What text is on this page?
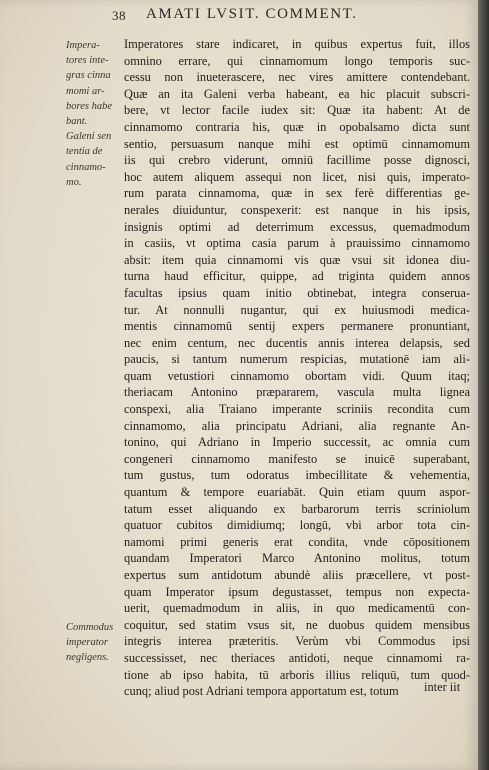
38 AMATI LVSIT. COMMENT.
Impera-
tores inte-
gras cinna
momi ar-
bores habe
bant.
Galeni sen
tentia de
cinnamo-
mo.
Commodus
imperator
negligens.
Imperatores stare indicaret, in quibus expertus fuit, illos
omnino errare, qui cinnamomum longo temporis suc-
cessu non inueterascere, nec vires amittere contendebant.
Quæ an ita Galeni verba habeant, ea hic placuit subscri-
bere, vt lector facile iudex sit: Quæ ita habent: At de
cinnamomo contraria his, quæ in opobalsamo dicta sunt
sentio, persuasum nanque mihi est optimū cinnamomum
iis qui crebro viderunt, omniū facillime posse dignosci,
hoc autem aliquem assequi non licet, nisi quis, imperato-
rum parata cinnamoma, quæ in sex ferè differentias ge-
nerales diuiduntur, conspexerit: est nanque in his ipsis,
insignis optimi ad deterrimum excessus, quemadmodum
in casiis, vt optima casia parum à prauissimo cinnamomo
absit: item quia cinnamomi vis quæ vsui sit idonea diu-
turna haud efficitur, quippe, ad triginta quidem annos
facultas ipsius quam initio obtinebat, integra conserua-
tur. At nonnulli nugantur, qui ex huiusmodi medica-
mentis cinnamomū sentij expers permanere pronuntiant,
nec enim centum, nec ducentis annis interea delapsis, sed
paucis, si tantum numerum respicias, mutationē iam ali-
quam vetustiori cinnamomo obortam vidi. Quum itaq;
theriacam Antonino præpararem, vascula multa lignea
conspexi, alia Traiano imperante scriniis recondita cum
cinnamomo, alia principatu Adriani, alia regnante An-
tonino, qui Adriano in Imperio successit, ac omnia cum
congeneri cinnamomo manifesto se inuicē superabant,
tum gustus, tum odoratus imbecillitate & vehementia,
quantum & tempore euariabāt. Quin etiam quum aspor-
tatum esset aliquando ex barbarorum terris scriniolum
quatuor cubitos dimidiumq; longū, vbi arbor tota cin-
namomi primi generis erat condita, vnde cōpositionem
quandam Imperatori Marco Antonino molitus, totum
expertus sum antidotum abundè aliis præcellere, vt post-
quam Imperator ipsum degustasset, tempus non expecta-
uerit, quemadmodum in aliis, in quo medicamentū con-
coquitur, sed statim vsus sit, ne duobus quidem mensibus
integris interea præteritis. Verùm vbi Commodus ipsi
successisset, nec theriaces antidoti, neque cinnamomi ra-
tione ab ipso habita, tū arboris illius reliquū, tum quod-
cunq; aliud post Adriani tempora apportatum est, totum	inter iit
